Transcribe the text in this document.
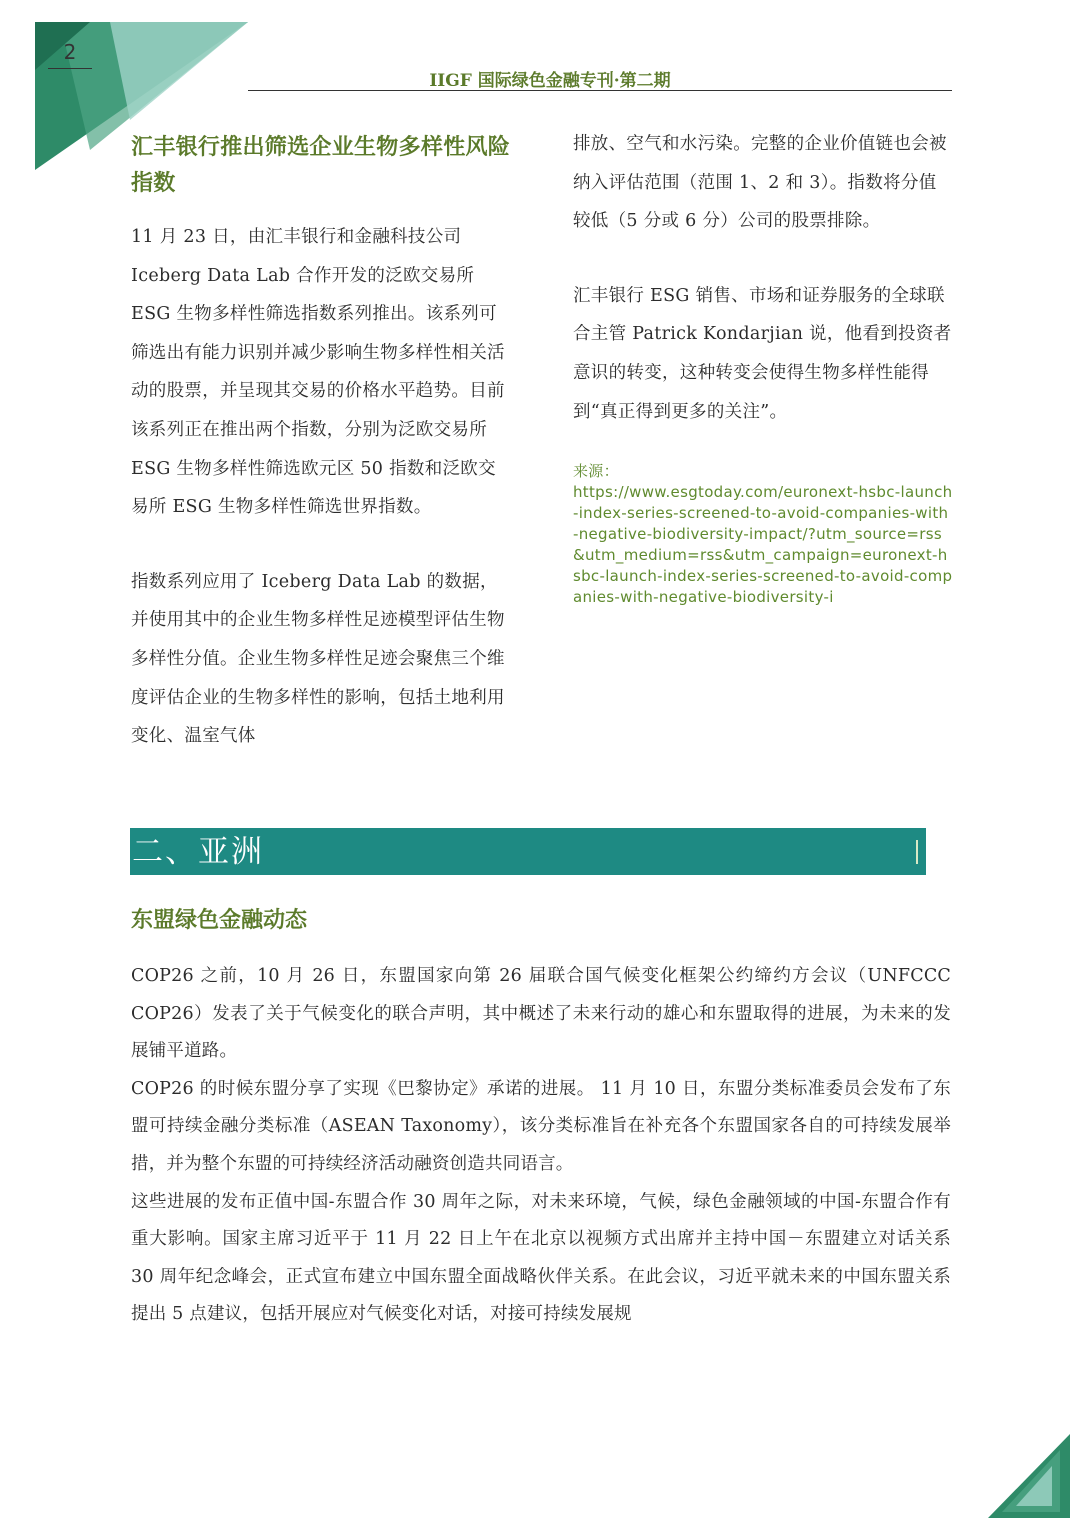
2
IIGF 国际绿色金融专刊·第二期
汇丰银行推出筛选企业生物多样性风险指数

11 月 23 日，由汇丰银行和金融科技公司 Iceberg Data Lab 合作开发的泛欧交易所 ESG 生物多样性筛选指数系列推出。该系列可筛选出有能力识别并减少影响生物多样性相关活动的股票，并呈现其交易的价格水平趋势。目前该系列正在推出两个指数，分别为泛欧交易所 ESG 生物多样性筛选欧元区 50 指数和泛欧交易所 ESG 生物多样性筛选世界指数。

指数系列应用了 Iceberg Data Lab 的数据，并使用其中的企业生物多样性足迹模型评估生物多样性分值。企业生物多样性足迹会聚焦三个维度评估企业的生物多样性的影响，包括土地利用变化、温室气体

排放、空气和水污染。完整的企业价值链也会被纳入评估范围（范围 1、2 和 3）。指数将分值较低（5 分或 6 分）公司的股票排除。

汇丰银行 ESG 销售、市场和证券服务的全球联合主管 Patrick Kondarjian 说，他看到投资者意识的转变，这种转变会使得生物多样性能得到“真正得到更多的关注”。

来源：
https://www.esgtoday.com/euronext-hsbc-launch-index-series-screened-to-avoid-companies-with-negative-biodiversity-impact/?utm_source=rss&utm_medium=rss&utm_campaign=euronext-hsbc-launch-index-series-screened-to-avoid-companies-with-negative-biodiversity-i
二、亚洲
东盟绿色金融动态

COP26 之前，10 月 26 日，东盟国家向第 26 届联合国气候变化框架公约缔约方会议（UNFCCC COP26）发表了关于气候变化的联合声明，其中概述了未来行动的雄心和东盟取得的进展，为未来的发展铺平道路。

COP26 的时候东盟分享了实现《巴黎协定》承诺的进展。 11 月 10 日，东盟分类标准委员会发布了东盟可持续金融分类标准（ASEAN Taxonomy），该分类标准旨在补充各个东盟国家各自的可持续发展举措，并为整个东盟的可持续经济活动融资创造共同语言。

这些进展的发布正值中国-东盟合作 30 周年之际，对未来环境，气候，绿色金融领域的中国-东盟合作有重大影响。国家主席习近平于 11 月 22 日上午在北京以视频方式出席并主持中国－东盟建立对话关系 30 周年纪念峰会，正式宣布建立中国东盟全面战略伙伴关系。在此会议，习近平就未来的中国东盟关系提出 5 点建议，包括开展应对气候变化对话，对接可持续发展规
